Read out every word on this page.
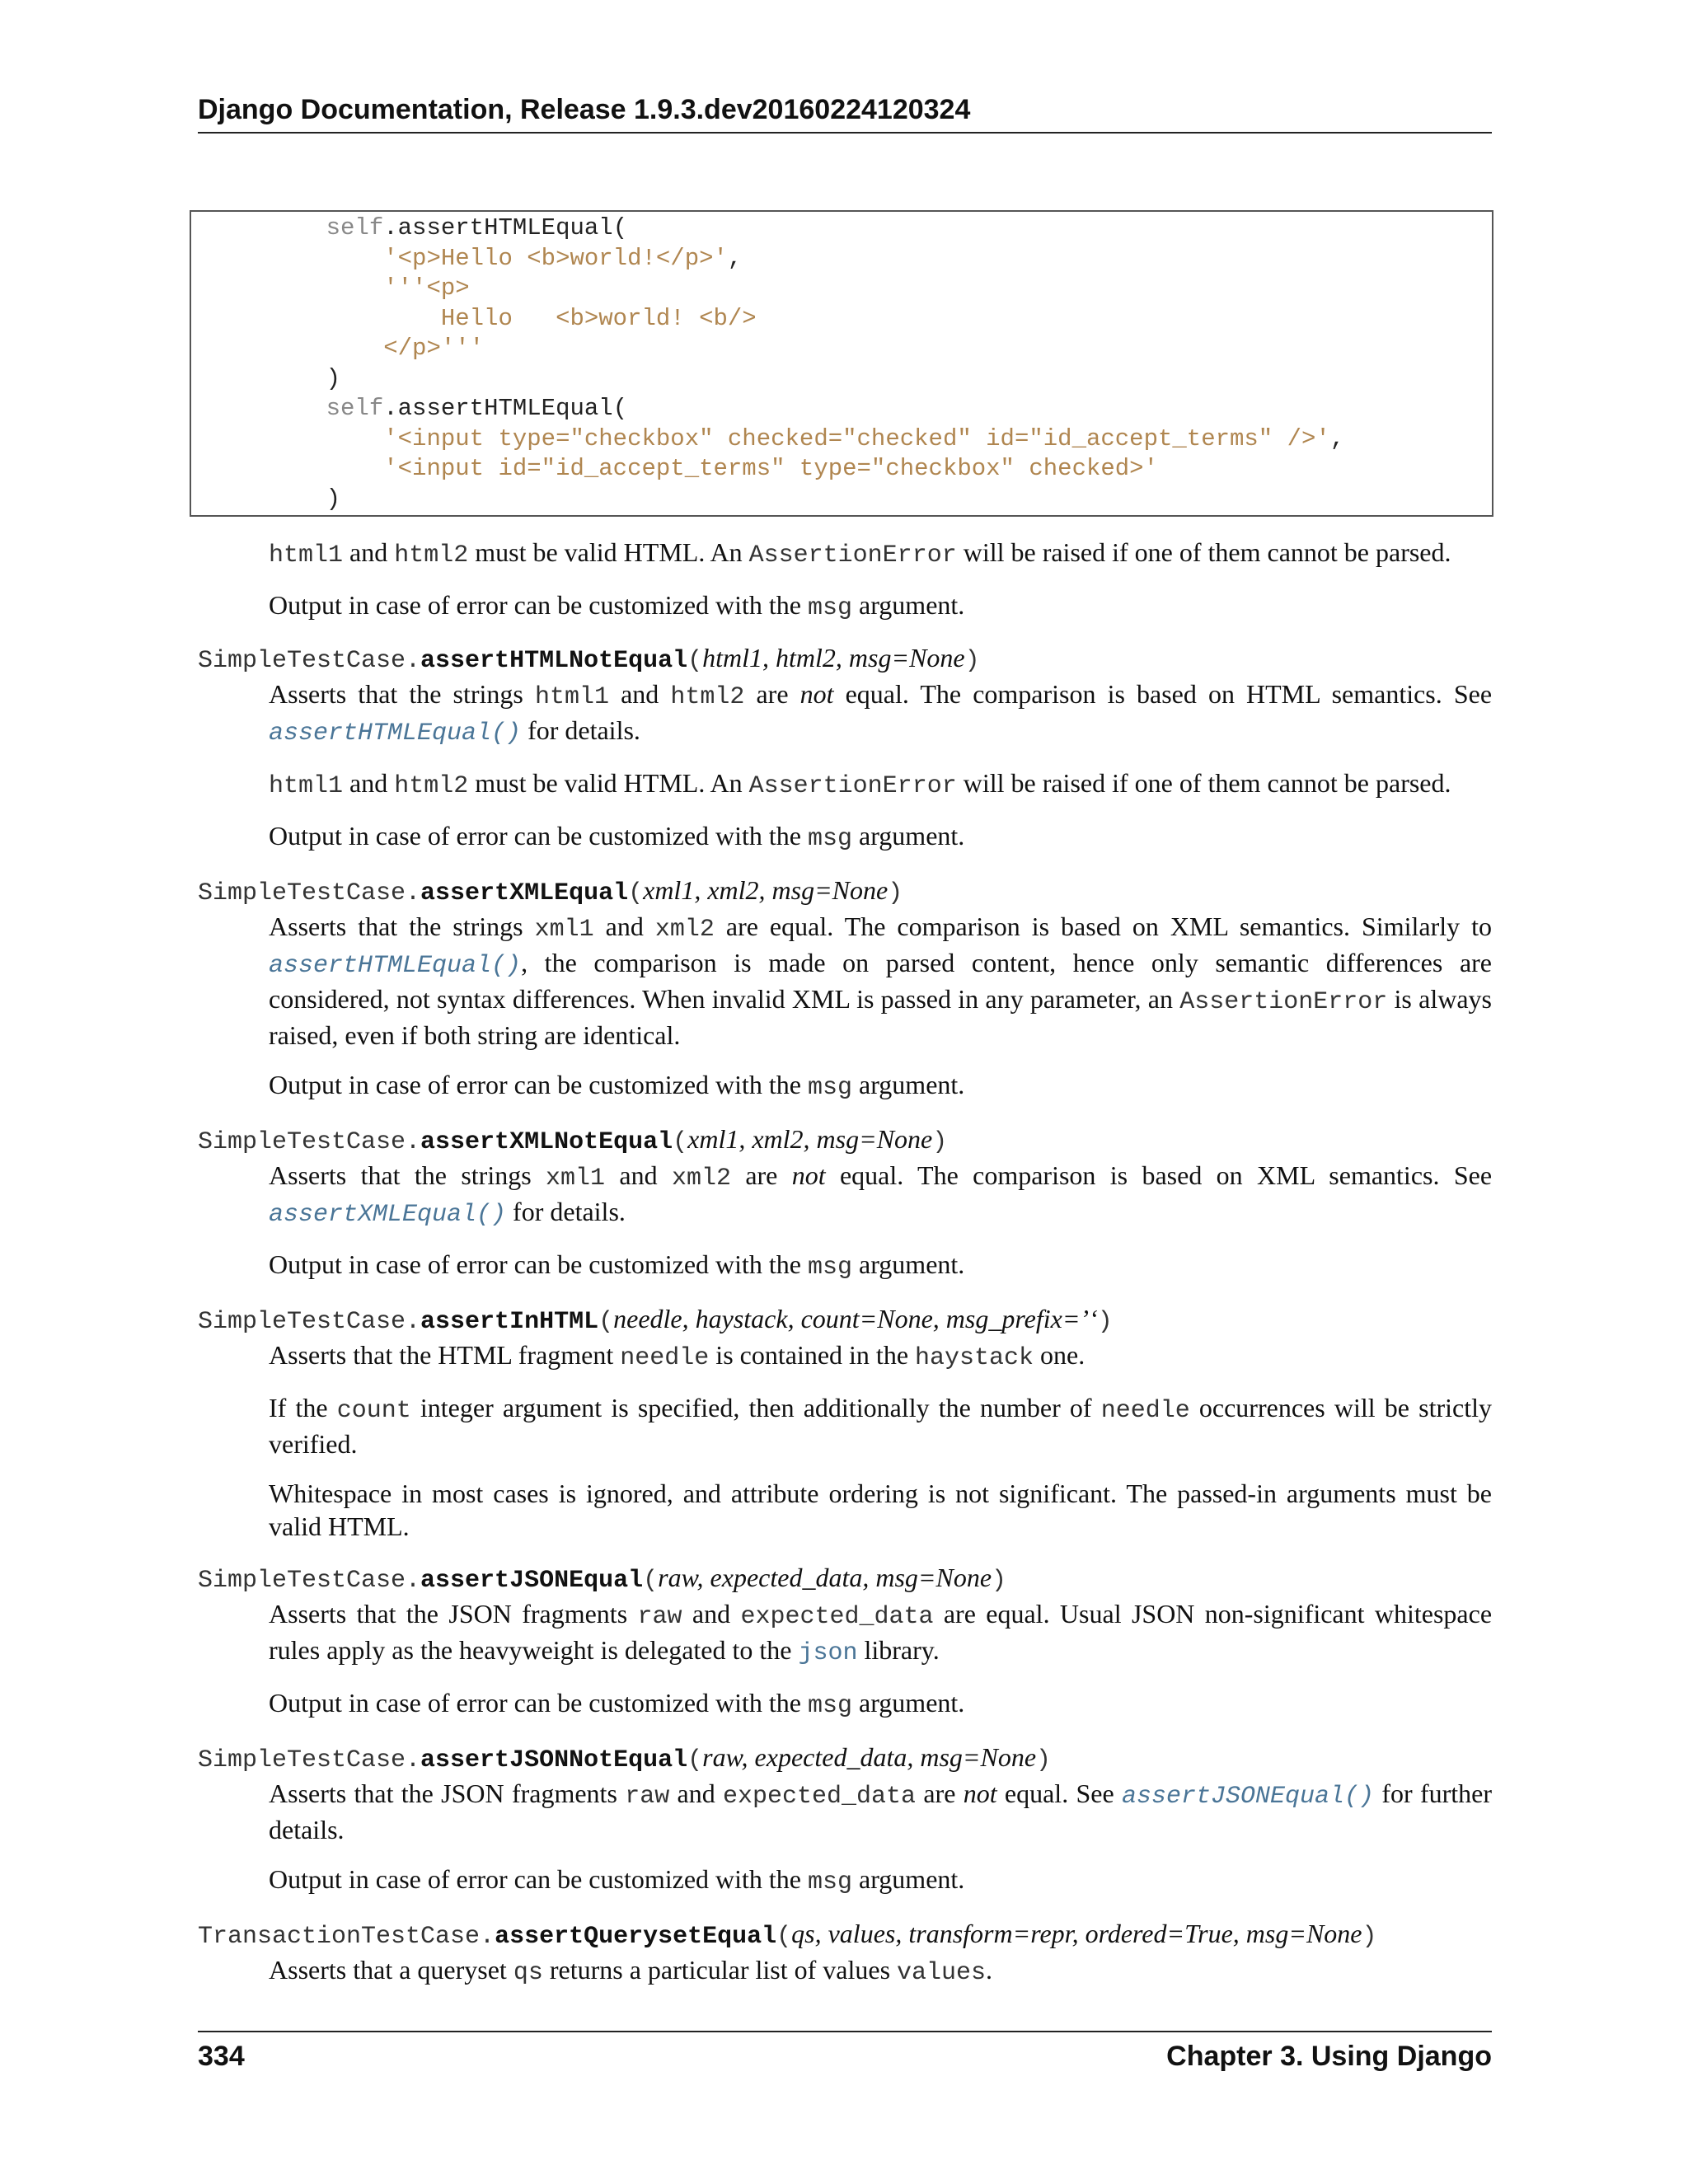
Django Documentation, Release 1.9.3.dev20160224120324
self.assertHTMLEqual(
'<p>Hello <b>world!</p>',
'''<p>
Hello   <b>world! <b/>
</p>'''
)
self.assertHTMLEqual(
'<input type="checkbox" checked="checked" id="id_accept_terms" />',
'<input id="id_accept_terms" type="checkbox" checked>'
)

html1 and html2 must be valid HTML. An AssertionError will be raised if one of them cannot be parsed.

Output in case of error can be customized with the msg argument.

SimpleTestCase.assertHTMLNotEqual(html1, html2, msg=None)

Asserts that the strings html1 and html2 are not equal. The comparison is based on HTML semantics. See assertHTMLEqual() for details.

html1 and html2 must be valid HTML. An AssertionError will be raised if one of them cannot be parsed.

Output in case of error can be customized with the msg argument.

SimpleTestCase.assertXMLEqual(xml1, xml2, msg=None)

Asserts that the strings xml1 and xml2 are equal. The comparison is based on XML semantics. Similarly to assertHTMLEqual(), the comparison is made on parsed content, hence only semantic differences are considered, not syntax differences. When invalid XML is passed in any parameter, an AssertionError is always raised, even if both string are identical.

Output in case of error can be customized with the msg argument.

SimpleTestCase.assertXMLNotEqual(xml1, xml2, msg=None)

Asserts that the strings xml1 and xml2 are not equal. The comparison is based on XML semantics. See assertXMLEqual() for details.

Output in case of error can be customized with the msg argument.

SimpleTestCase.assertInHTML(needle, haystack, count=None, msg_prefix=’‘)

Asserts that the HTML fragment needle is contained in the haystack one.

If the count integer argument is specified, then additionally the number of needle occurrences will be strictly verified.

Whitespace in most cases is ignored, and attribute ordering is not significant. The passed-in arguments must be valid HTML.

SimpleTestCase.assertJSONEqual(raw, expected_data, msg=None)

Asserts that the JSON fragments raw and expected_data are equal. Usual JSON non-significant whitespace rules apply as the heavyweight is delegated to the json library.

Output in case of error can be customized with the msg argument.

SimpleTestCase.assertJSONNotEqual(raw, expected_data, msg=None)

Asserts that the JSON fragments raw and expected_data are not equal. See assertJSONEqual() for further details.

Output in case of error can be customized with the msg argument.

TransactionTestCase.assertQuerysetEqual(qs, values, transform=repr, ordered=True, msg=None)

Asserts that a queryset qs returns a particular list of values values.

334	Chapter 3. Using Django
